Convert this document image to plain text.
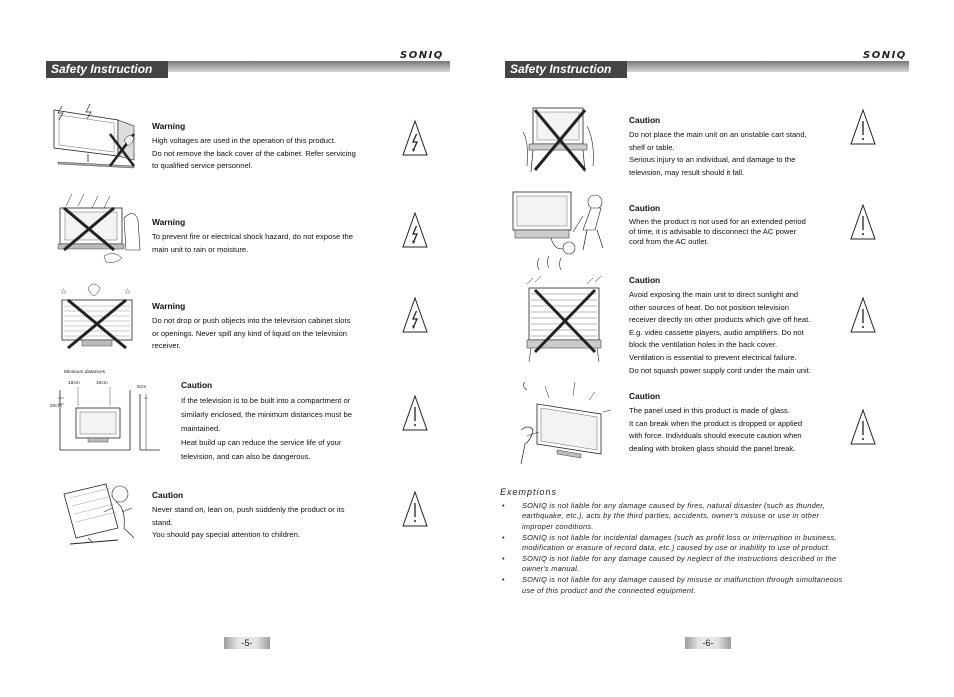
SONIQ
Safety Instruction
Warning

High voltages are used in the operation of this product.

Do not remove the back cover of the cabinet. Refer servicing

to qualified service personnel.

Warning

To prevent fire or electrical shock hazard, do not expose the

main unit to rain or moisture.

☆	☆
Warning

Do not drop or push objects into the television cabinet slots

or openings. Never spill any kind of liquid on the television

receiver.

Minimum distances
10cm	10cm
5cm
20cm
Caution

If the television is to be built into a compartment or

similarly enclosed, the minimum distances must be

maintained.

Heat build up can reduce the service life of your

television, and can also be dangerous.

Caution

Never stand on, lean on, push suddenly the product or its

stand.

You should pay special attention to children.

-5-
SONIQ
Safety Instruction
Caution

Do not place the main unit on an unstable cart stand,

shelf or table.

Serious injury to an individual, and damage to the

television, may result should it fall.

Caution

When the product is not used for an extended period

of time, it is advisable to disconnect the AC power

cord from the AC outlet.

Caution

Avoid exposing the main unit to direct sunlight and

other sources of heat. Do not position television

receiver directly on other products which give off heat.

E.g. video cassette players, audio amplifiers. Do not

block the ventilation holes in the back cover.

Ventilation is essential to prevent electrical failure.

Do not squash power supply cord under the main unit.

Caution

The panel used in this product is made of glass.

It can break when the product is dropped or applied

with force. Individuals should execute caution when

dealing with broken glass should the panel break.

-6-
Exemptions
• SONIQ is not liable for any damage caused by fires, natural disaster (such as thunder,
earthquake, etc.), acts by the third parties, accidents, owner's misuse or use in other
improper conditions.
• SONIQ is not liable for incidental damages (such as profit loss or interruption in business,
modification or erasure of record data, etc.) caused by use or inability to use of product.
• SONIQ is not liable for any damage caused by neglect of the instructions described in the
owner's manual.
• SONIQ is not liable for any damage caused by misuse or malfunction through simultaneous
use of this product and the connected equipment.
